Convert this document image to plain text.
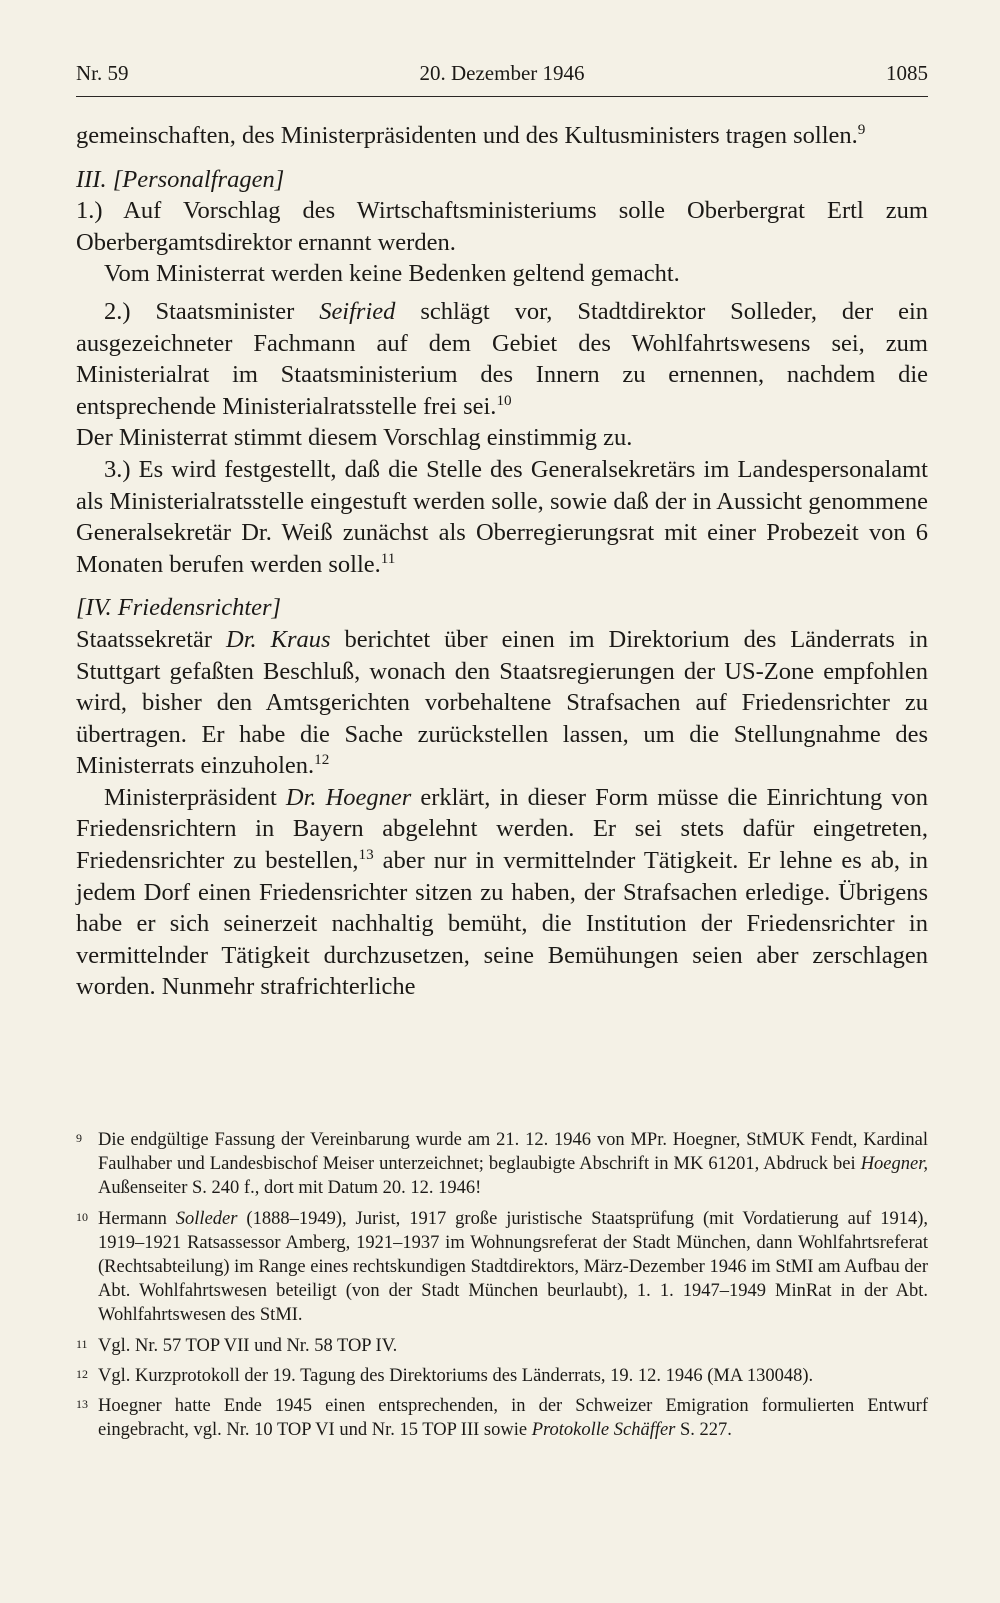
Nr. 59	20. Dezember 1946	1085

gemeinschaften, des Ministerpräsidenten und des Kultusministers tragen sollen.$^9$

III. [Personalfragen]

1.) Auf Vorschlag des Wirtschaftsministeriums solle Oberbergrat Ertl zum Oberbergamtsdirektor ernannt werden.

Vom Ministerrat werden keine Bedenken geltend gemacht.

2.) Staatsminister Seifried schlägt vor, Stadtdirektor Solleder, der ein ausgezeichneter Fachmann auf dem Gebiet des Wohlfahrtswesens sei, zum Ministerialrat im Staatsministerium des Innern zu ernennen, nachdem die entsprechende Ministerialratsstelle frei sei.$^{10}$

Der Ministerrat stimmt diesem Vorschlag einstimmig zu.

3.) Es wird festgestellt, daß die Stelle des Generalsekretärs im Landespersonalamt als Ministerialratsstelle eingestuft werden solle, sowie daß der in Aussicht genommene Generalsekretär Dr. Weiß zunächst als Oberregierungsrat mit einer Probezeit von 6 Monaten berufen werden solle.$^{11}$

[IV. Friedensrichter]

Staatssekretär Dr. Kraus berichtet über einen im Direktorium des Länderrats in Stuttgart gefaßten Beschluß, wonach den Staatsregierungen der US-Zone empfohlen wird, bisher den Amtsgerichten vorbehaltene Strafsachen auf Friedensrichter zu übertragen. Er habe die Sache zurückstellen lassen, um die Stellungnahme des Ministerrats einzuholen.$^{12}$

Ministerpräsident Dr. Hoegner erklärt, in dieser Form müsse die Einrichtung von Friedensrichtern in Bayern abgelehnt werden. Er sei stets dafür eingetreten, Friedensrichter zu bestellen,$^{13}$ aber nur in vermittelnder Tätigkeit. Er lehne es ab, in jedem Dorf einen Friedensrichter sitzen zu haben, der Strafsachen erledige. Übrigens habe er sich seinerzeit nachhaltig bemüht, die Institution der Friedensrichter in vermittelnder Tätigkeit durchzusetzen, seine Bemühungen seien aber zerschlagen worden. Nunmehr strafrichterliche

9 Die endgültige Fassung der Vereinbarung wurde am 21. 12. 1946 von MPr. Hoegner, StMUK Fendt, Kardinal Faulhaber und Landesbischof Meiser unterzeichnet; beglaubigte Abschrift in MK 61201, Abdruck bei Hoegner, Außenseiter S. 240 f., dort mit Datum 20. 12. 1946!
10 Hermann Solleder (1888–1949), Jurist, 1917 große juristische Staatsprüfung (mit Vordatierung auf 1914), 1919–1921 Ratsassessor Amberg, 1921–1937 im Wohnungsreferat der Stadt München, dann Wohlfahrtsreferat (Rechtsabteilung) im Range eines rechtskundigen Stadtdirektors, März-Dezember 1946 im StMI am Aufbau der Abt. Wohlfahrtswesen beteiligt (von der Stadt München beurlaubt), 1. 1. 1947–1949 MinRat in der Abt. Wohlfahrtswesen des StMI.
11 Vgl. Nr. 57 TOP VII und Nr. 58 TOP IV.
12 Vgl. Kurzprotokoll der 19. Tagung des Direktoriums des Länderrats, 19. 12. 1946 (MA 130048).
13 Hoegner hatte Ende 1945 einen entsprechenden, in der Schweizer Emigration formulierten Entwurf eingebracht, vgl. Nr. 10 TOP VI und Nr. 15 TOP III sowie Protokolle Schäffer S. 227.
